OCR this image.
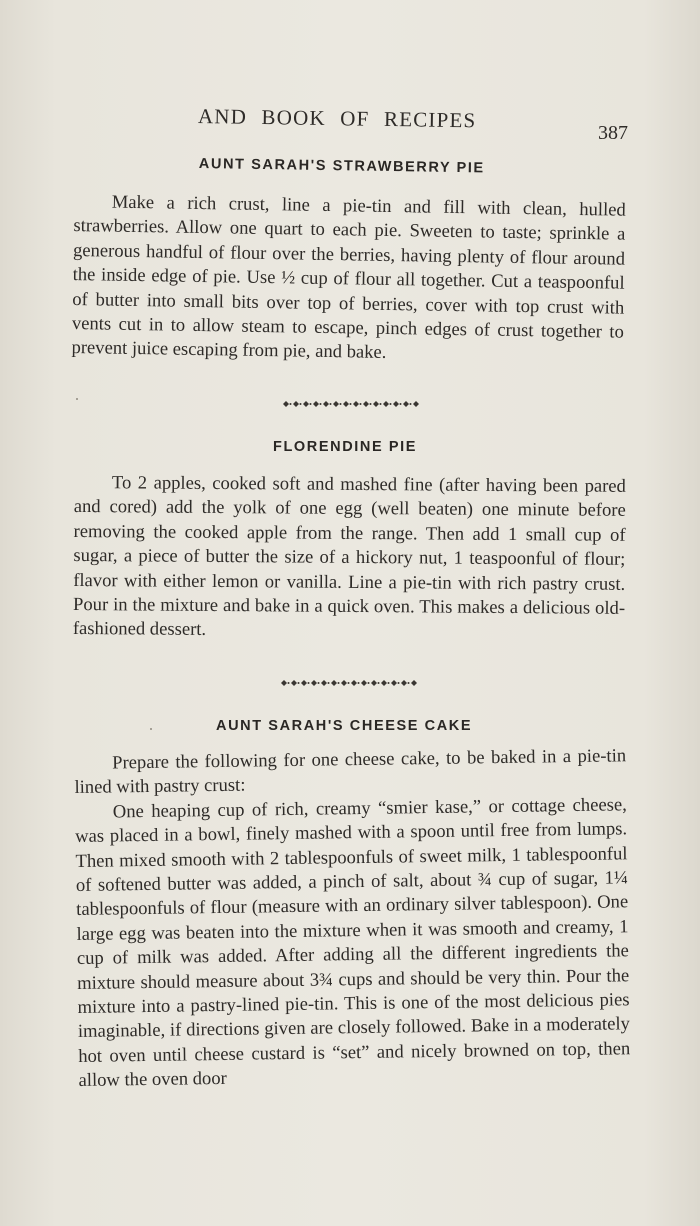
AND BOOK OF RECIPES
387
AUNT SARAH'S STRAWBERRY PIE

Make a rich crust, line a pie-tin and fill with clean, hulled strawberries. Allow one quart to each pie. Sweeten to taste; sprinkle a generous handful of flour over the berries, having plenty of flour around the inside edge of pie. Use ½ cup of flour all together. Cut a teaspoonful of butter into small bits over top of berries, cover with top crust with vents cut in to allow steam to escape, pinch edges of crust together to prevent juice escaping from pie, and bake.

FLORENDINE PIE

To 2 apples, cooked soft and mashed fine (after having been pared and cored) add the yolk of one egg (well beaten) one minute before removing the cooked apple from the range. Then add 1 small cup of sugar, a piece of butter the size of a hickory nut, 1 teaspoonful of flour; flavor with either lemon or vanilla. Line a pie-tin with rich pastry crust. Pour in the mixture and bake in a quick oven. This makes a delicious old-fashioned dessert.

AUNT SARAH'S CHEESE CAKE

Prepare the following for one cheese cake, to be baked in a pie-tin lined with pastry crust:

One heaping cup of rich, creamy “smier kase,” or cottage cheese, was placed in a bowl, finely mashed with a spoon until free from lumps. Then mixed smooth with 2 tablespoonfuls of sweet milk, 1 tablespoonful of softened butter was added, a pinch of salt, about ¾ cup of sugar, 1¼ tablespoonfuls of flour (measure with an ordinary silver tablespoon). One large egg was beaten into the mixture when it was smooth and creamy, 1 cup of milk was added. After adding all the different ingredients the mixture should measure about 3¾ cups and should be very thin. Pour the mixture into a pastry-lined pie-tin. This is one of the most delicious pies imaginable, if directions given are closely followed. Bake in a moderately hot oven until cheese custard is “set” and nicely browned on top, then allow the oven door
